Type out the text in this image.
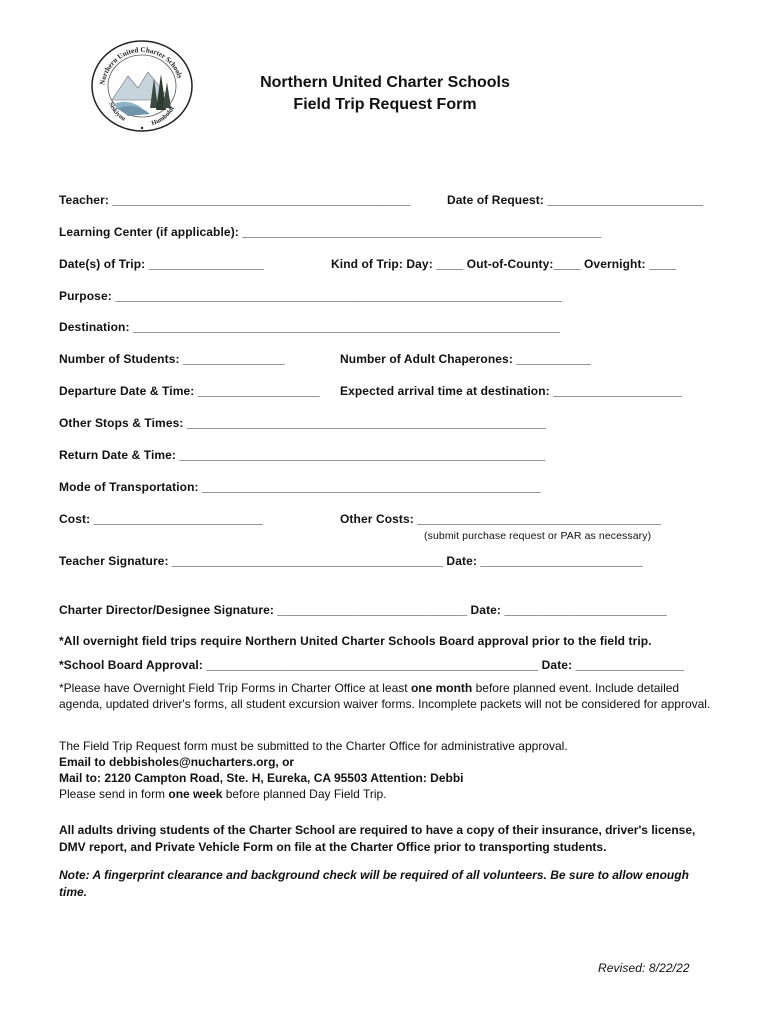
Northern United Charter Schools
Siskiyou
Humboldt
Northern United Charter Schools
Field Trip Request Form
Teacher: ____________________________________________	Date of Request: _______________________
Learning Center (if applicable): _____________________________________________________
Date(s) of Trip: _________________	Kind of Trip: Day: ____ Out-of-County:____ Overnight: ____
Purpose: __________________________________________________________________
Destination: _______________________________________________________________
Number of Students: _______________	Number of Adult Chaperones: ___________
Departure Date & Time: __________________ Expected arrival time at destination: ___________________
Other Stops & Times: _____________________________________________________
Return Date & Time: ______________________________________________________
Mode of Transportation: __________________________________________________
Cost: _________________________	Other Costs: ____________________________________
(submit purchase request or PAR as necessary)
Teacher Signature: ________________________________________ Date: ________________________
Charter Director/Designee Signature: ____________________________ Date: ________________________
*All overnight field trips require Northern United Charter Schools Board approval prior to the field trip.
*School Board Approval: _________________________________________________ Date: ________________
*Please have Overnight Field Trip Forms in Charter Office at least one month before planned event. Include detailed agenda, updated driver's forms, all student excursion waiver forms. Incomplete packets will not be considered for approval.
The Field Trip Request form must be submitted to the Charter Office for administrative approval.
Email to debbisholes@nucharters.org, or
Mail to: 2120 Campton Road, Ste. H, Eureka, CA 95503 Attention: Debbi
Please send in form one week before planned Day Field Trip.
All adults driving students of the Charter School are required to have a copy of their insurance, driver's license, DMV report, and Private Vehicle Form on file at the Charter Office prior to transporting students.
Note: A fingerprint clearance and background check will be required of all volunteers. Be sure to allow enough time.
Revised: 8/22/22
